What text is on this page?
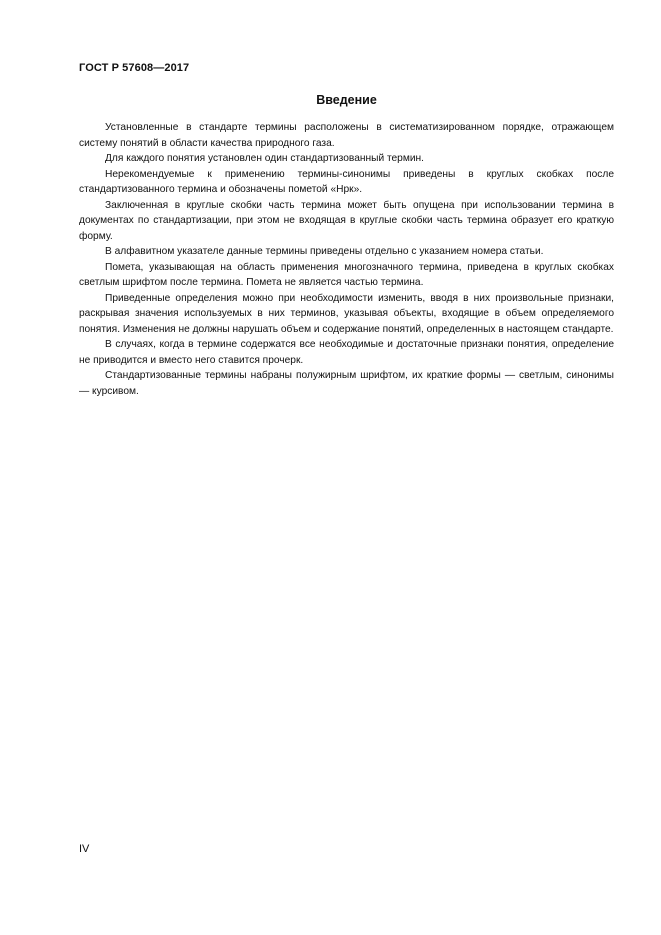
ГОСТ Р 57608—2017
Введение

Установленные в стандарте термины расположены в систематизированном порядке, отражающем систему понятий в области качества природного газа.

Для каждого понятия установлен один стандартизованный термин.

Нерекомендуемые к применению термины-синонимы приведены в круглых скобках после стандартизованного термина и обозначены пометой «Нрк».

Заключенная в круглые скобки часть термина может быть опущена при использовании термина в документах по стандартизации, при этом не входящая в круглые скобки часть термина образует его краткую форму.

В алфавитном указателе данные термины приведены отдельно с указанием номера статьи.

Помета, указывающая на область применения многозначного термина, приведена в круглых скобках светлым шрифтом после термина. Помета не является частью термина.

Приведенные определения можно при необходимости изменить, вводя в них произвольные признаки, раскрывая значения используемых в них терминов, указывая объекты, входящие в объем определяемого понятия. Изменения не должны нарушать объем и содержание понятий, определенных в настоящем стандарте.

В случаях, когда в термине содержатся все необходимые и достаточные признаки понятия, определение не приводится и вместо него ставится прочерк.

Стандартизованные термины набраны полужирным шрифтом, их краткие формы — светлым, синонимы — курсивом.

IV
